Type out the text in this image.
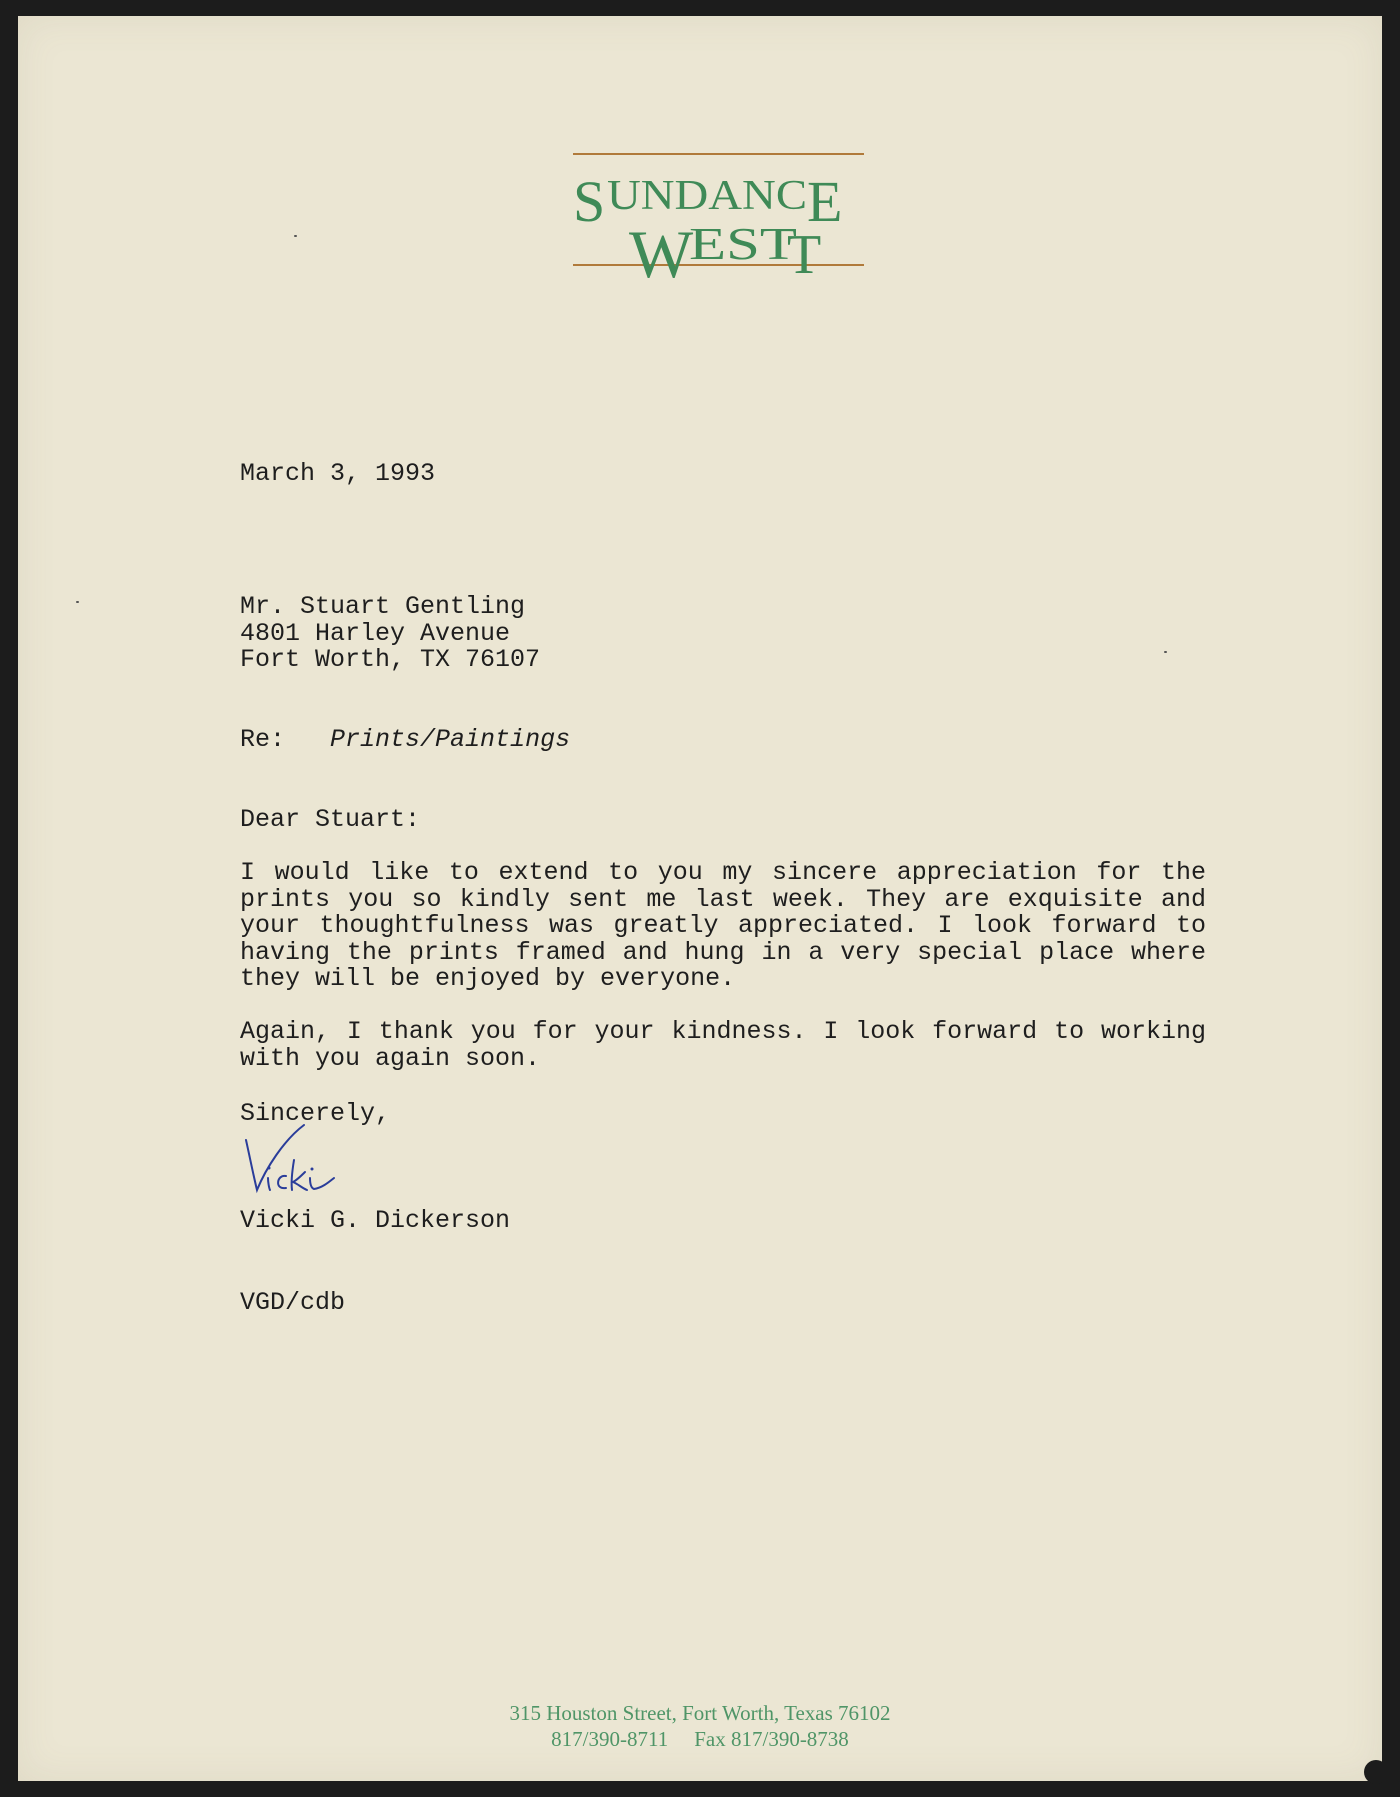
S UNDANC E
W
EST
T

March 3, 1993

Mr. Stuart Gentling
4801 Harley Avenue
Fort Worth, TX 76107
Re: Prints/Paintings

Dear Stuart:

I would like to extend to you my sincere appreciation for the prints you so kindly sent me last week. They are exquisite and your thoughtfulness was greatly appreciated. I look forward to having the prints framed and hung in a very special place where they will be enjoyed by everyone.

Again, I thank you for your kindness. I look forward to working with you again soon.

Sincerely,

Vicki G. Dickerson

VGD/cdb

315 Houston Street, Fort Worth, Texas 76102
817/390-8711 Fax 817/390-8738
